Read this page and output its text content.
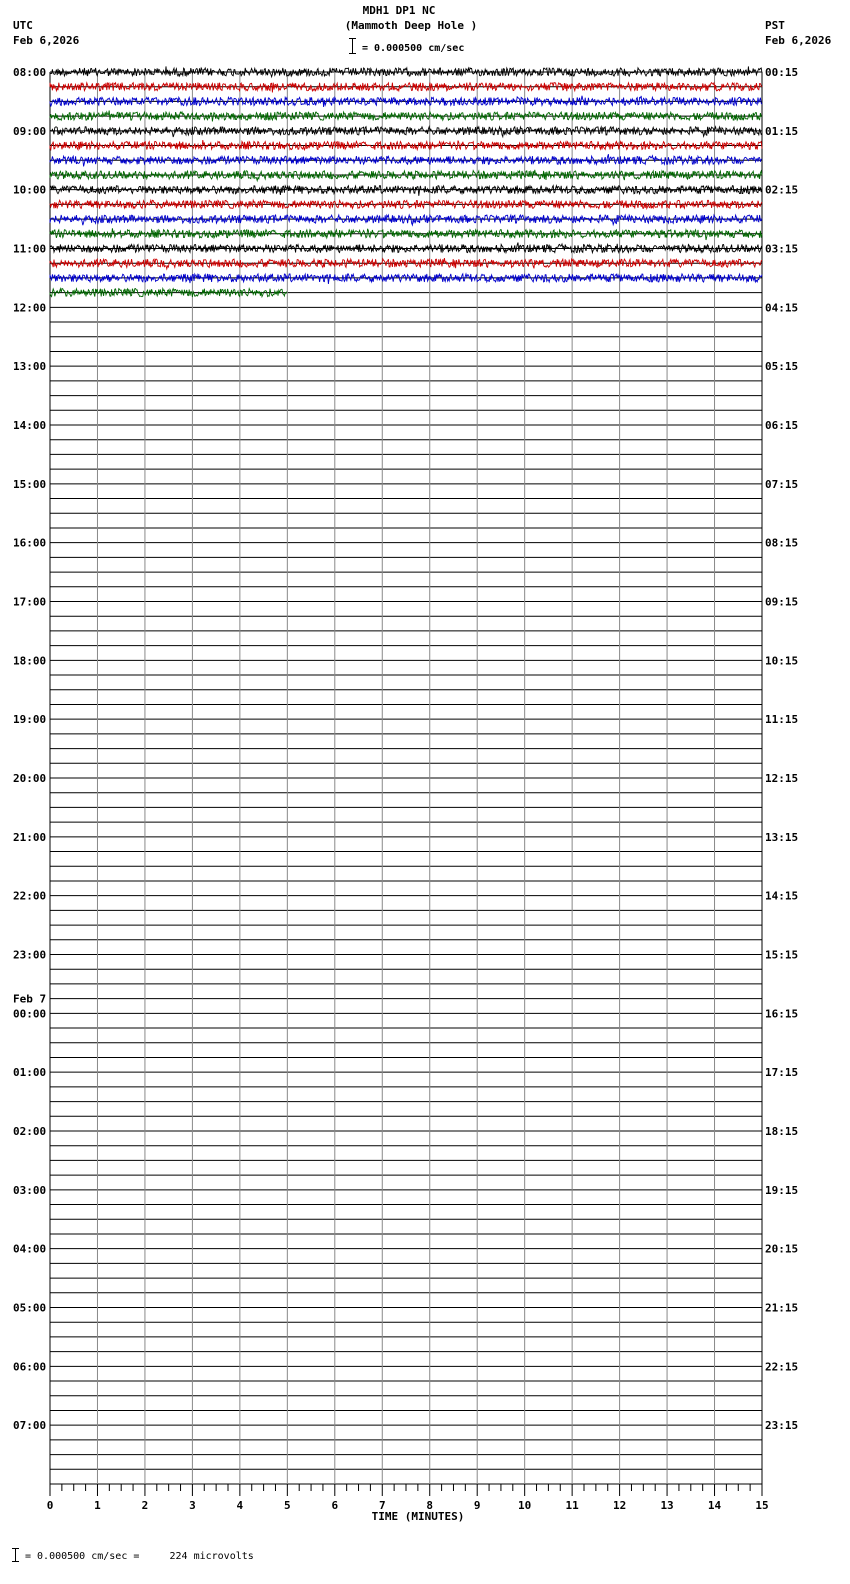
MDH1 DP1 NC
(Mammoth Deep Hole )
UTC
Feb 6,2026
PST
Feb 6,2026
= 0.000500 cm/sec
0	1	2	3	4	5	6	7	8	9	10	11	12	13	14	15
08:00
09:00
10:00
11:00
12:00
13:00
14:00
15:00
16:00
17:00
18:00
19:00
20:00
21:00
22:00
23:00
00:00
01:00
02:00
03:00
04:00
05:00
06:00
07:00
00:15
01:15
02:15
03:15
04:15
05:15
06:15
07:15
08:15
09:15
10:15
11:15
12:15
13:15
14:15
15:15
16:15
17:15
18:15
19:15
20:15
21:15
22:15
23:15
Feb 7
TIME (MINUTES)
= 0.000500 cm/sec =     224 microvolts
